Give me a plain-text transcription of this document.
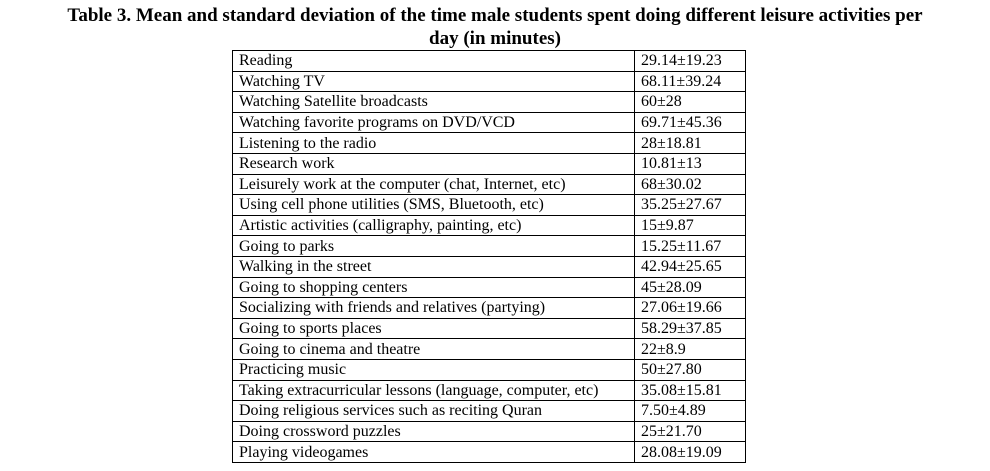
Table 3. Mean and standard deviation of the time male students spent doing different leisure activities per
day (in minutes)
Reading	29.14±19.23
Watching TV	68.11±39.24
Watching Satellite broadcasts	60±28
Watching favorite programs on DVD/VCD	69.71±45.36
Listening to the radio	28±18.81
Research work	10.81±13
Leisurely work at the computer (chat, Internet, etc)	68±30.02
Using cell phone utilities (SMS, Bluetooth, etc)	35.25±27.67
Artistic activities (calligraphy, painting, etc)	15±9.87
Going to parks	15.25±11.67
Walking in the street	42.94±25.65
Going to shopping centers	45±28.09
Socializing with friends and relatives (partying)	27.06±19.66
Going to sports places	58.29±37.85
Going to cinema and theatre	22±8.9
Practicing music	50±27.80
Taking extracurricular lessons (language, computer, etc)	35.08±15.81
Doing religious services such as reciting Quran	7.50±4.89
Doing crossword puzzles	25±21.70
Playing videogames	28.08±19.09
